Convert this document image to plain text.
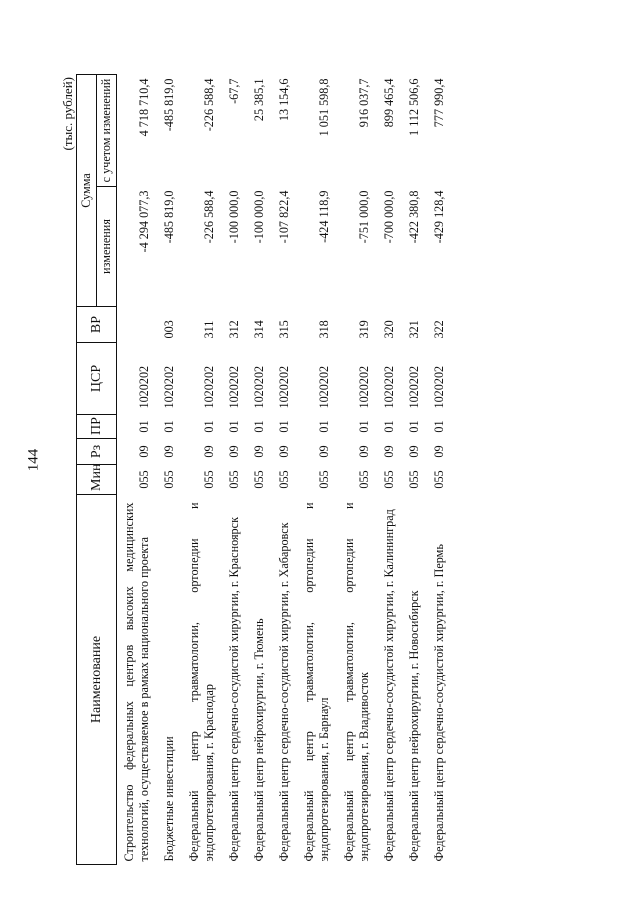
144
(тыс. рублей)
Наименование	Мин	Рз	ПР	ЦСР	ВР	Сумма	
						изменения	с учетом изменений
Строительство федеральных центров высоких медицинских технологий, осуществляемое в рамках национального проекта	055	09	01	1020202		-4 294 077,3	4 718 710,4
Бюджетные инвестиции	055	09	01	1020202	003	-485 819,0	-485 819,0
Федеральный центр травматологии, ортопедии и эндопротезирования, г. Краснодар	055	09	01	1020202	311	-226 588,4	-226 588,4
Федеральный центр сердечно-сосудистой хирургии, г. Красноярск	055	09	01	1020202	312	-100 000,0	-67,7
Федеральный центр нейрохирургии, г. Тюмень	055	09	01	1020202	314	-100 000,0	25 385,1
Федеральный центр сердечно-сосудистой хирургии, г. Хабаровск	055	09	01	1020202	315	-107 822,4	13 154,6
Федеральный центр травматологии, ортопедии и эндопротезирования, г. Барнаул	055	09	01	1020202	318	-424 118,9	1 051 598,8
Федеральный центр травматологии, ортопедии и эндопротезирования, г. Владивосток	055	09	01	1020202	319	-751 000,0	916 037,7
Федеральный центр сердечно-сосудистой хирургии, г. Калининград	055	09	01	1020202	320	-700 000,0	899 465,4
Федеральный центр нейрохирургии, г. Новосибирск	055	09	01	1020202	321	-422 380,8	1 112 506,6
Федеральный центр сердечно-сосудистой хирургии, г. Пермь	055	09	01	1020202	322	-429 128,4	777 990,4
